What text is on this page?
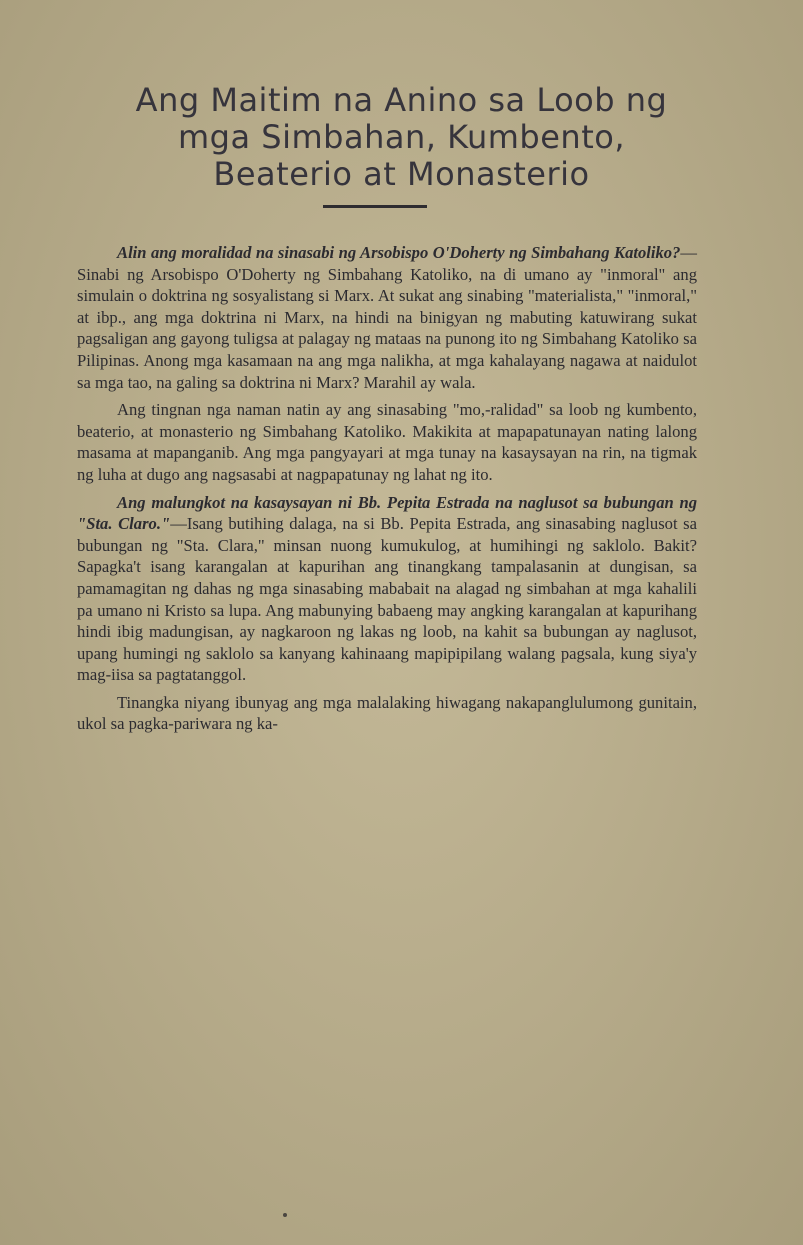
Ang Maitim na Anino sa Loob ng
mga Simbahan, Kumbento,
Beaterio at Monasterio

Alin ang moralidad na sinasabi ng Arsobispo O'Doherty ng Simbahang Katoliko?—Sinabi ng Arsobispo O'Doherty ng Simbahang Katoliko, na di umano ay "inmoral" ang simulain o doktrina ng sosyalistang si Marx. At sukat ang sinabing "materialista," "inmoral," at ibp., ang mga doktrina ni Marx, na hindi na binigyan ng mabuting katuwirang sukat pagsaligan ang gayong tuligsa at palagay ng mataas na punong ito ng Simbahang Katoliko sa Pilipinas. Anong mga kasamaan na ang mga nalikha, at mga kahalayang nagawa at naidulot sa mga tao, na galing sa doktrina ni Marx? Marahil ay wala.

Ang tingnan nga naman natin ay ang sinasabing "mo,-ralidad" sa loob ng kumbento, beaterio, at monasterio ng Simbahang Katoliko. Makikita at mapapatunayan nating lalong masama at mapanganib. Ang mga pangyayari at mga tunay na kasaysayan na rin, na tigmak ng luha at dugo ang nagsasabi at nagpapatunay ng lahat ng ito.

Ang malungkot na kasaysayan ni Bb. Pepita Estrada na naglusot sa bubungan ng "Sta. Claro."—Isang butihing dalaga, na si Bb. Pepita Estrada, ang sinasabing naglusot sa bubungan ng "Sta. Clara," minsan nuong kumukulog, at humihingi ng saklolo. Bakit? Sapagka't isang karangalan at kapurihan ang tinangkang tampalasanin at dungisan, sa pamamagitan ng dahas ng mga sinasabing mababait na alagad ng simbahan at mga kahalili pa umano ni Kristo sa lupa. Ang mabunying babaeng may angking karangalan at kapurihang hindi ibig madungisan, ay nagkaroon ng lakas ng loob, na kahit sa bubungan ay naglusot, upang humingi ng saklolo sa kanyang kahinaang mapipipilang walang pagsala, kung siya'y mag-iisa sa pagtatanggol.

Tinangka niyang ibunyag ang mga malalaking hiwagang nakapanglulumong gunitain, ukol sa pagka-pariwara ng ka-
